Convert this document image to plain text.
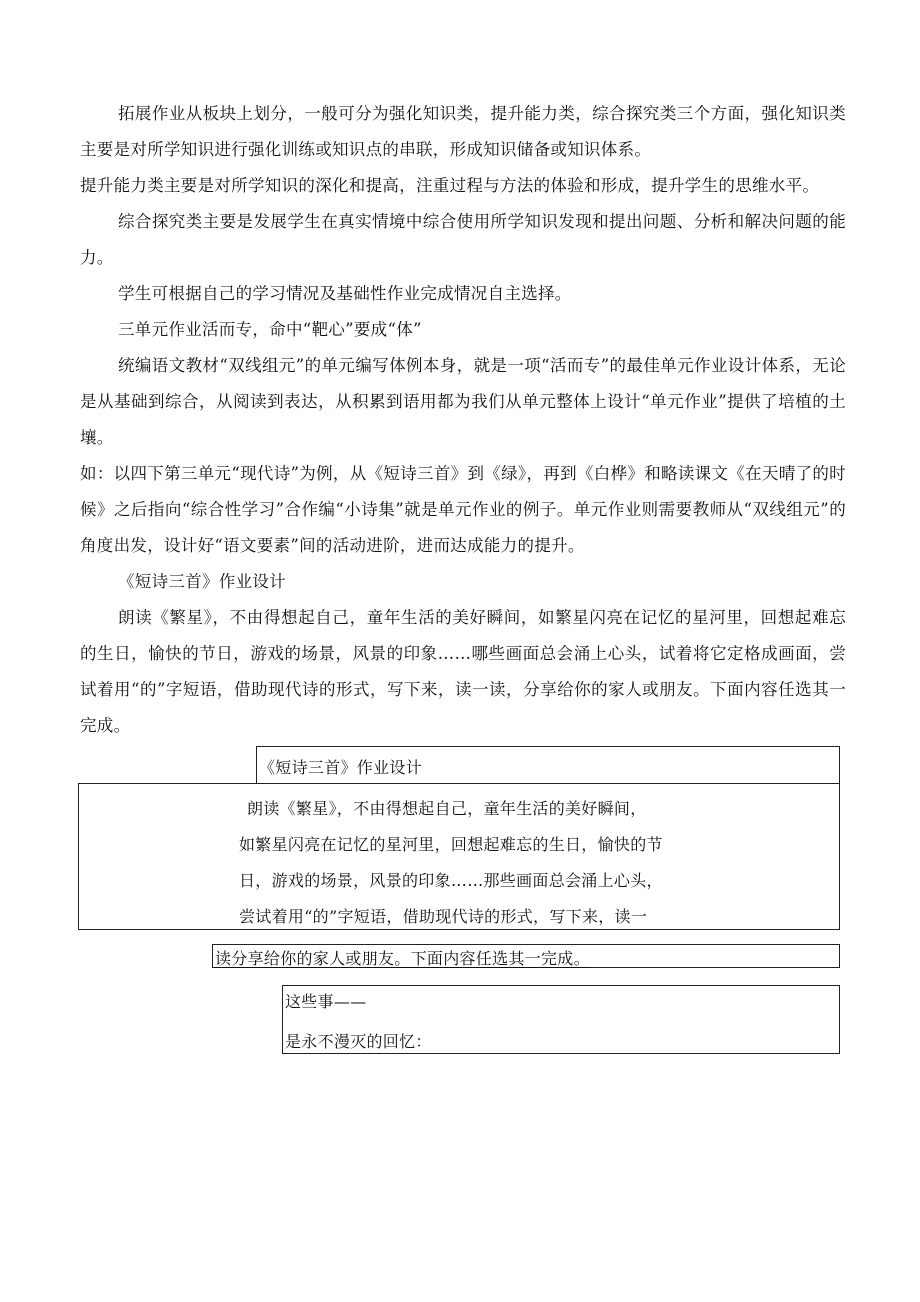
拓展作业从板块上划分，一般可分为强化知识类，提升能力类，综合探究类三个方面，强化知识类主要是对所学知识进行强化训练或知识点的串联，形成知识储备或知识体系。

提升能力类主要是对所学知识的深化和提高，注重过程与方法的体验和形成，提升学生的思维水平。

综合探究类主要是发展学生在真实情境中综合使用所学知识发现和提出问题、分析和解决问题的能力。

学生可根据自己的学习情况及基础性作业完成情况自主选择。

三单元作业活而专，命中“靶心”要成“体”

统编语文教材“双线组元”的单元编写体例本身，就是一项“活而专”的最佳单元作业设计体系，无论是从基础到综合，从阅读到表达，从积累到语用都为我们从单元整体上设计“单元作业”提供了培植的土壤。

如：以四下第三单元“现代诗”为例，从《短诗三首》到《绿》，再到《白桦》和略读课文《在天晴了的时候》之后指向“综合性学习”合作编“小诗集”就是单元作业的例子。单元作业则需要教师从“双线组元”的角度出发，设计好“语文要素”间的活动进阶，进而达成能力的提升。

《短诗三首》作业设计

朗读《繁星》，不由得想起自己，童年生活的美好瞬间，如繁星闪亮在记忆的星河里，回想起难忘的生日，愉快的节日，游戏的场景，风景的印象……哪些画面总会涌上心头，试着将它定格成画面，尝试着用“的”字短语，借助现代诗的形式，写下来，读一读，分享给你的家人或朋友。下面内容任选其一完成。

《短诗三首》作业设计
朗读《繁星》，不由得想起自己，童年生活的美好瞬间，
如繁星闪亮在记忆的星河里，回想起难忘的生日，愉快的节
日，游戏的场景，风景的印象……那些画面总会涌上心头，
尝试着用“的”字短语，借助现代诗的形式，写下来，读一
读分享给你的家人或朋友。下面内容任选其一完成。
这些事——
是永不漫灭的回忆：
